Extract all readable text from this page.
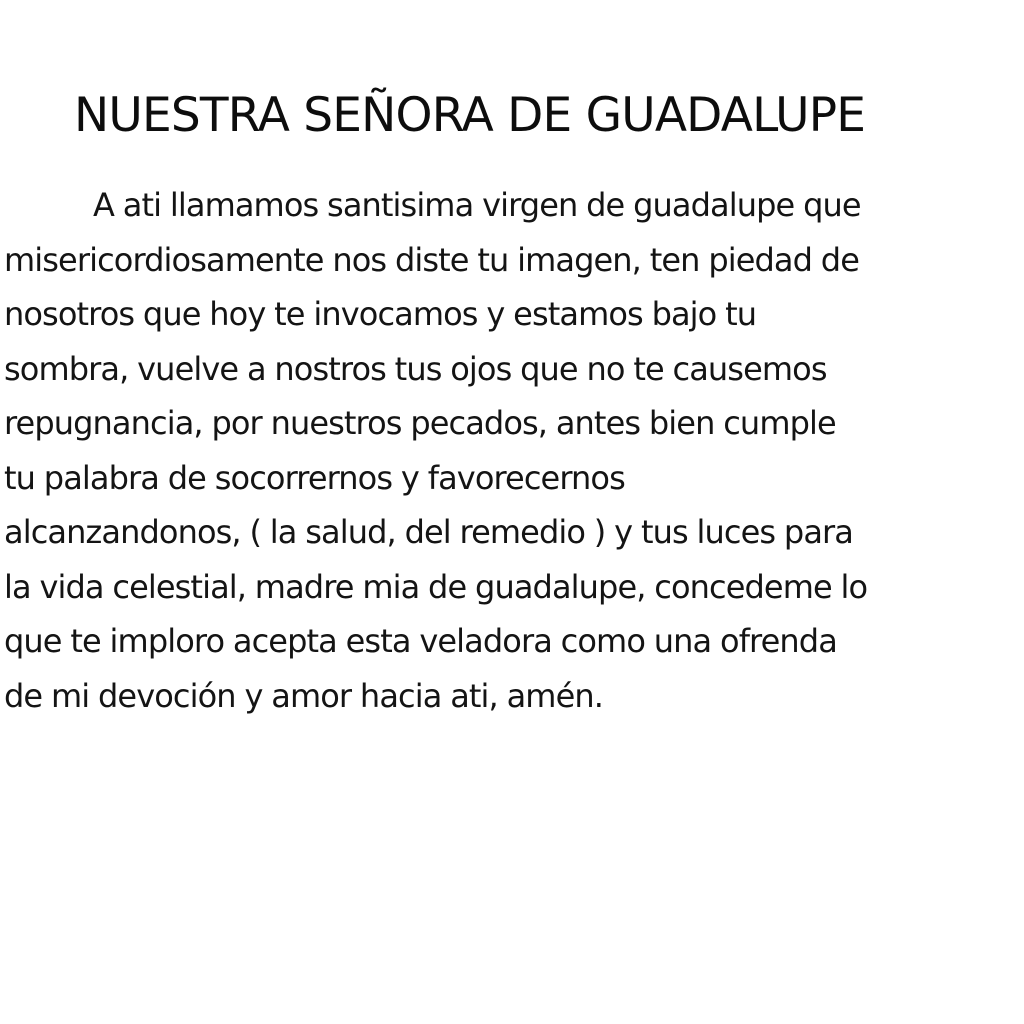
NUESTRA SEÑORA DE GUADALUPE
A ati llamamos santisima virgen de guadalupe que
misericordiosamente nos diste tu imagen, ten piedad de
nosotros que hoy te invocamos y estamos bajo tu
sombra, vuelve a nostros tus ojos que no te causemos
repugnancia, por nuestros pecados, antes bien cumple
tu palabra de socorrernos y favorecernos
alcanzandonos, ( la salud, del remedio ) y tus luces para
la vida celestial, madre mia de guadalupe, concedeme lo
que te imploro acepta esta veladora como una ofrenda
de mi devoción y amor hacia ati, amén.
